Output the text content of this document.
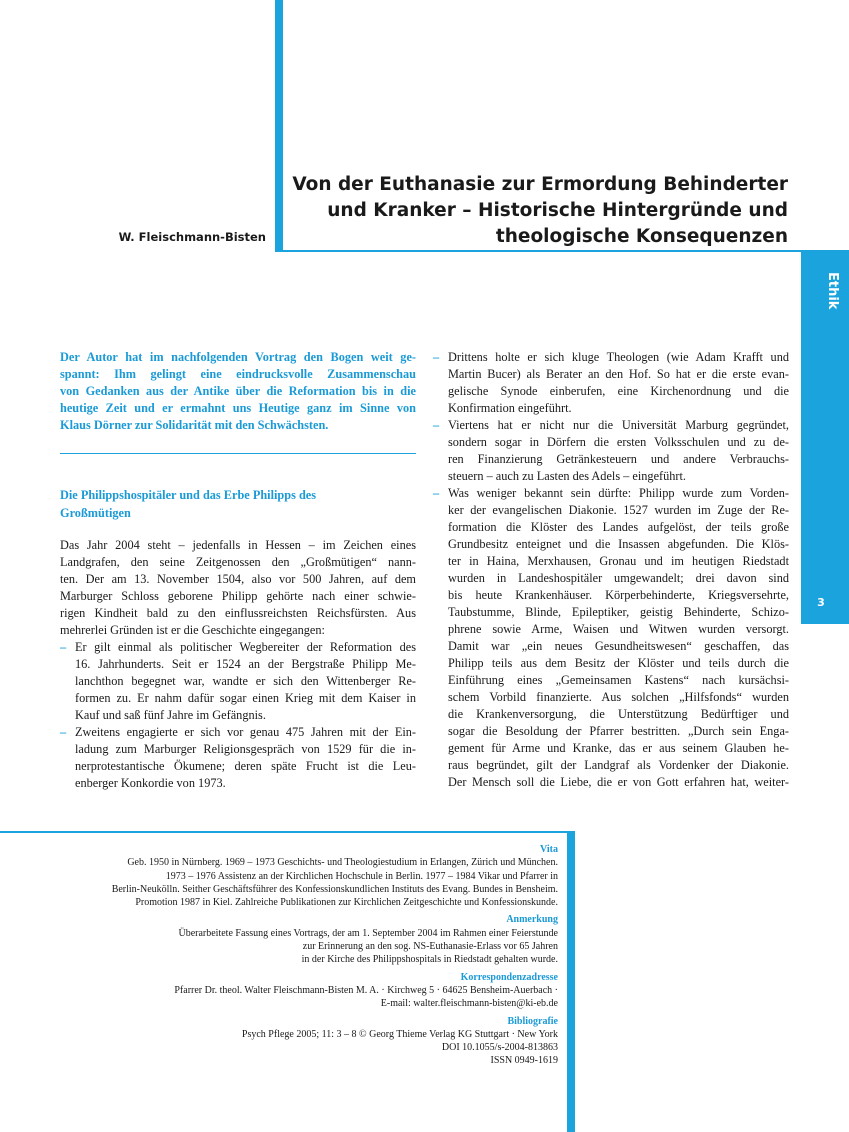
Von der Euthanasie zur Ermordung Behinderter
und Kranker – Historische Hintergründe und
theologische Konsequenzen
W. Fleischmann-Bisten
Ethik
3
Der Autor hat im nachfolgenden Vortrag den Bogen weit ge-
spannt: Ihm gelingt eine eindrucksvolle Zusammenschau
von Gedanken aus der Antike über die Reformation bis in die
heutige Zeit und er ermahnt uns Heutige ganz im Sinne von
Klaus Dörner zur Solidarität mit den Schwächsten.
Die Philippshospitäler und das Erbe Philipps des
Großmütigen
Das Jahr 2004 steht – jedenfalls in Hessen – im Zeichen eines
Landgrafen, den seine Zeitgenossen den „Großmütigen“ nann-
ten. Der am 13. November 1504, also vor 500 Jahren, auf dem
Marburger Schloss geborene Philipp gehörte nach einer schwie-
rigen Kindheit bald zu den einflussreichsten Reichsfürsten. Aus
mehrerlei Gründen ist er die Geschichte eingegangen:
– Er gilt einmal als politischer Wegbereiter der Reformation des
16. Jahrhunderts. Seit er 1524 an der Bergstraße Philipp Me-
lanchthon begegnet war, wandte er sich den Wittenberger Re-
formen zu. Er nahm dafür sogar einen Krieg mit dem Kaiser in
Kauf und saß fünf Jahre im Gefängnis.
– Zweitens engagierte er sich vor genau 475 Jahren mit der Ein-
ladung zum Marburger Religionsgespräch von 1529 für die in-
nerprotestantische Ökumene; deren späte Frucht ist die Leu-
enberger Konkordie von 1973.
– Drittens holte er sich kluge Theologen (wie Adam Krafft und
Martin Bucer) als Berater an den Hof. So hat er die erste evan-
gelische Synode einberufen, eine Kirchenordnung und die
Konfirmation eingeführt.
– Viertens hat er nicht nur die Universität Marburg gegründet,
sondern sogar in Dörfern die ersten Volksschulen und zu de-
ren Finanzierung Getränkesteuern und andere Verbrauchs-
steuern – auch zu Lasten des Adels – eingeführt.
– Was weniger bekannt sein dürfte: Philipp wurde zum Vorden-
ker der evangelischen Diakonie. 1527 wurden im Zuge der Re-
formation die Klöster des Landes aufgelöst, der teils große
Grundbesitz enteignet und die Insassen abgefunden. Die Klös-
ter in Haina, Merxhausen, Gronau und im heutigen Riedstadt
wurden in Landeshospitäler umgewandelt; drei davon sind
bis heute Krankenhäuser. Körperbehinderte, Kriegsversehrte,
Taubstumme, Blinde, Epileptiker, geistig Behinderte, Schizo-
phrene sowie Arme, Waisen und Witwen wurden versorgt.
Damit war „ein neues Gesundheitswesen“ geschaffen, das
Philipp teils aus dem Besitz der Klöster und teils durch die
Einführung eines „Gemeinsamen Kastens“ nach kursächsi-
schem Vorbild finanzierte. Aus solchen „Hilfsfonds“ wurden
die Krankenversorgung, die Unterstützung Bedürftiger und
sogar die Besoldung der Pfarrer bestritten. „Durch sein Enga-
gement für Arme und Kranke, das er aus seinem Glauben he-
raus begründet, gilt der Landgraf als Vordenker der Diakonie.
Der Mensch soll die Liebe, die er von Gott erfahren hat, weiter-
Vita
Geb. 1950 in Nürnberg. 1969 – 1973 Geschichts- und Theologiestudium in Erlangen, Zürich und München.
1973 – 1976 Assistenz an der Kirchlichen Hochschule in Berlin. 1977 – 1984 Vikar und Pfarrer in
Berlin-Neukölln. Seither Geschäftsführer des Konfessionskundlichen Instituts des Evang. Bundes in Bensheim.
Promotion 1987 in Kiel. Zahlreiche Publikationen zur Kirchlichen Zeitgeschichte und Konfessionskunde.
Anmerkung
Überarbeitete Fassung eines Vortrags, der am 1. September 2004 im Rahmen einer Feierstunde
zur Erinnerung an den sog. NS-Euthanasie-Erlass vor 65 Jahren
in der Kirche des Philippshospitals in Riedstadt gehalten wurde.
Korrespondenzadresse
Pfarrer Dr. theol. Walter Fleischmann-Bisten M. A. · Kirchweg 5 · 64625 Bensheim-Auerbach ·
E-mail: walter.fleischmann-bisten@ki-eb.de
Bibliografie
Psych Pflege 2005; 11: 3 – 8 © Georg Thieme Verlag KG Stuttgart · New York
DOI 10.1055/s-2004-813863
ISSN 0949-1619
